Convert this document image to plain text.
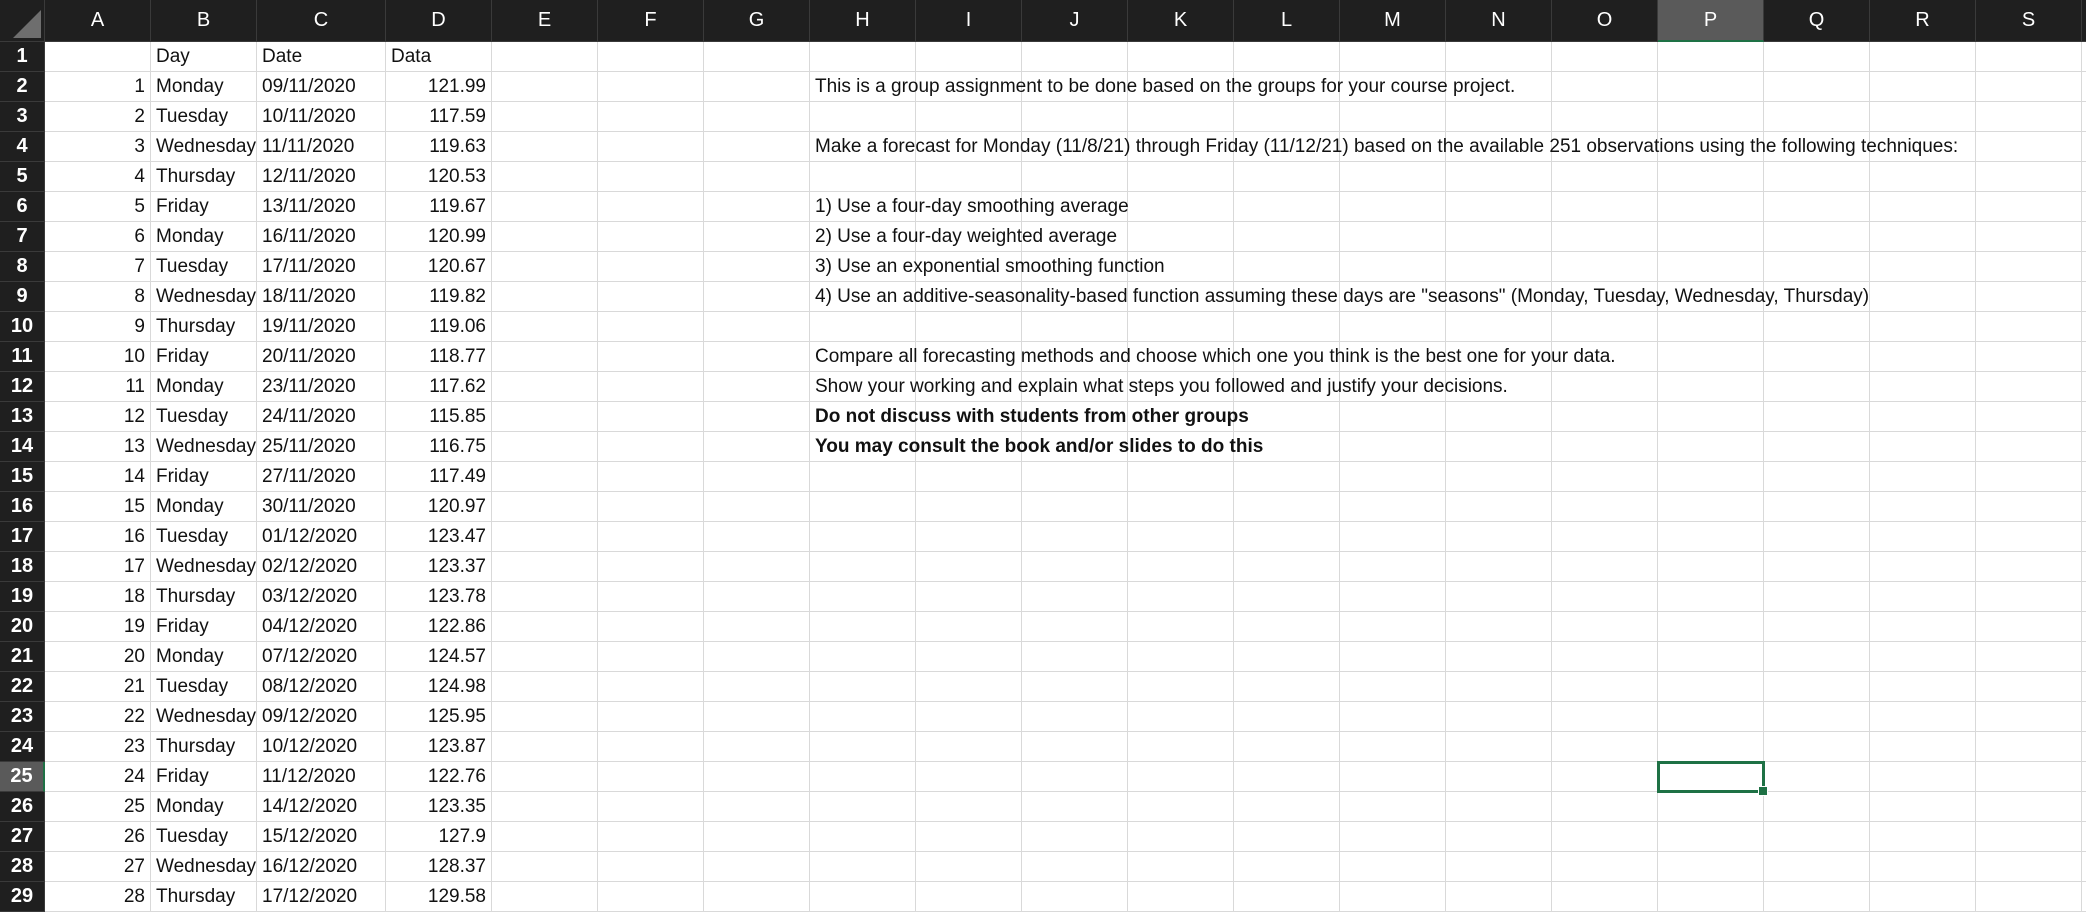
A	B	C	D	E	F	G	H	I	J	K	L	M	N	O	P	Q	R	S
1	Day	Date	Data
2	1 Monday	09/11/2020	121.99	This is a group assignment to be done based on the groups for your course project.
3	2 Tuesday	10/11/2020	117.59
4	3 Wednesday 11/11/2020	119.63	Make a forecast for Monday (11/8/21) through Friday (11/12/21) based on the available 251 observations using the following techniques:
5	4 Thursday	12/11/2020	120.53
6	5 Friday	13/11/2020	119.67	1) Use a four-day smoothing average
7	6 Monday	16/11/2020	120.99	2) Use a four-day weighted average
8	7 Tuesday	17/11/2020	120.67	3) Use an exponential smoothing function
9	8 Wednesday 18/11/2020	119.82	4) Use an additive-seasonality-based function assuming these days are "seasons" (Monday, Tuesday, Wednesday, Thursday)
10	9 Thursday	19/11/2020	119.06
11	10 Friday	20/11/2020	118.77	Compare all forecasting methods and choose which one you think is the best one for your data.
12	11 Monday	23/11/2020	117.62	Show your working and explain what steps you followed and justify your decisions.
13	12 Tuesday	24/11/2020	115.85	Do not discuss with students from other groups
14	13 Wednesday 25/11/2020	116.75	You may consult the book and/or slides to do this
15	14 Friday	27/11/2020	117.49
16	15 Monday	30/11/2020	120.97
17	16 Tuesday	01/12/2020	123.47
18	17 Wednesday 02/12/2020	123.37
19	18 Thursday	03/12/2020	123.78
20	19 Friday	04/12/2020	122.86
21	20 Monday	07/12/2020	124.57
22	21 Tuesday	08/12/2020	124.98
23	22 Wednesday 09/12/2020	125.95
24	23 Thursday	10/12/2020	123.87
25	24 Friday	11/12/2020	122.76
26	25 Monday	14/12/2020	123.35
27	26 Tuesday	15/12/2020	127.9
28	27 Wednesday 16/12/2020	128.37
29	28 Thursday	17/12/2020	129.58
